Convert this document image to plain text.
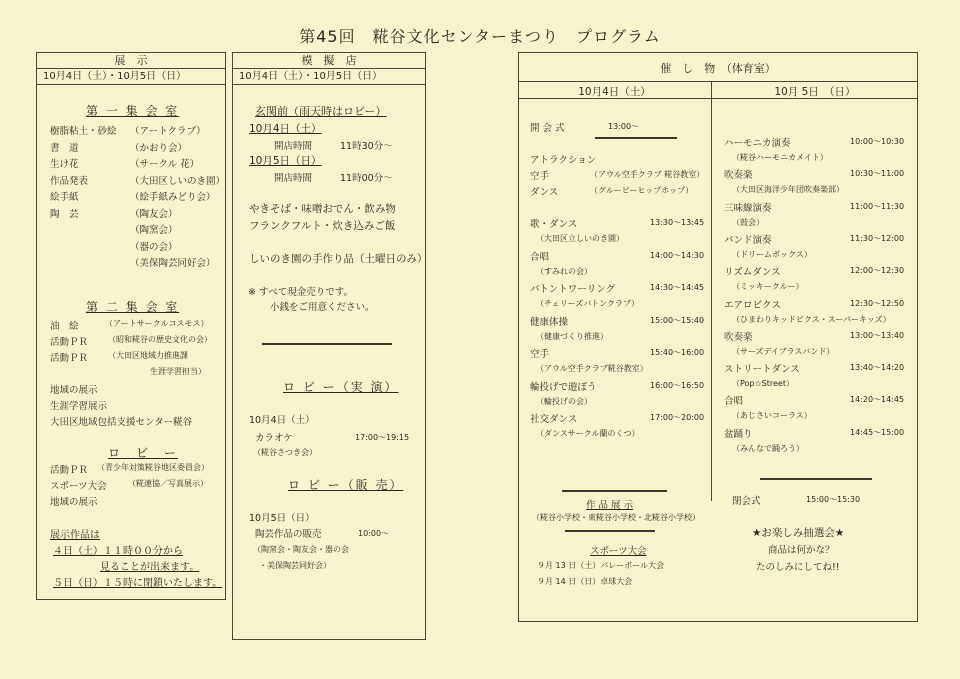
第45回　糀谷文化センターまつり　プログラム
展　示
10月4日（土）・10月5日（日）
第 一 集 会 室
樹脂粘土・砂絵 （アートクラブ）
書　道	（かおり会）
生け花	（サークル 花）
作品発表	（大田区しいのき園）
絵手紙	（絵手紙みどり会）
陶　芸	（陶友会）
（陶窯会）
（器の会）
（美保陶芸同好会）
第 二 集 会 室
油　絵	（アートサークルコスモス）
活動ＰＲ （昭和糀谷の歴史文化の会）
活動ＰＲ （大田区地域力推進課
生涯学習担当）
地域の展示
生涯学習展示
大田区地域包括支援センター糀谷
ロ　ビ　ー
活動ＰＲ （青少年対策糀谷地区委員会）
スポーツ大会	（糀連協／写真展示）
地域の展示
展示作品は
４日（土）１１時００分から
見ることが出来ます。
５日（日）１５時に閉鎖いたします。
模　擬　店
10月4日（土）・10月5日（日）
玄関前（雨天時はロビー）
10月4日（土）
開店時間	11時30分～
10月5日（日）
開店時間	11時00分～
やきそば・味噌おでん・飲み物
フランクフルト・炊き込みご飯
しいのき園の手作り品（土曜日のみ）
※ すべて現金売りです。
小銭をご用意ください。
ロ ビ ー（実 演）
10月4日（土）
カラオケ	17:00～19:15
（糀谷さつき会）
ロ ビ ー（販 売）
10月5日（日）
陶芸作品の販売	10:00～
（陶窯会・陶友会・器の会
・美保陶芸同好会）
催　し　物　（体育室）
10月4日（土）	10月 5日　（日）
開 会 式	13:00～
アトラクション
空手	（アウル空手クラブ 糀谷教室）
ダンス	（グルービーヒップホップ）
歌・ダンス	13:30～13:45
（大田区立しいのき園）
合唱	14:00～14:30
（すみれの会）
バトントワーリング	14:30～14:45
（チェリーズバトンクラブ）
健康体操	15:00～15:40
（健康づくり推進）
空手	15:40～16:00
（アウル空手クラブ糀谷教室）
輪投げで遊ぼう	16:00～16:50
（輪投げの会）
社交ダンス	17:00～20:00
（ダンスサークル蘭のくつ）
ハーモニカ演奏	10:00～10:30
（糀谷ハーモニカメイト）
吹奏楽	10:30～11:00
（大田区海洋少年団吹奏楽部）
三味線演奏	11:00～11:30
（鼓会）
バンド演奏	11:30～12:00
（ドリームボックス）
リズムダンス	12:00～12:30
（ミッキークルー）
エアロビクス	12:30～12:50
（ひまわりキッドビクス・スーパーキッズ）
吹奏楽	13:00～13:40
（サーズデイブラスバンド）
ストリートダンス	13:40～14:20
（Pop☆Street）
合唱	14:20～14:45
（あじさいコーラス）
盆踊り	14:45～15:00
（みんなで踊ろう）
閉会式	15:00～15:30
★お楽しみ抽選会★
商品は何かな？
たのしみにしてね!!
作 品 展 示
（糀谷小学校・東糀谷小学校・北糀谷小学校）
スポーツ大会
９月 13 日（土）バレーボール大会
９月 14 日（日）卓球大会
